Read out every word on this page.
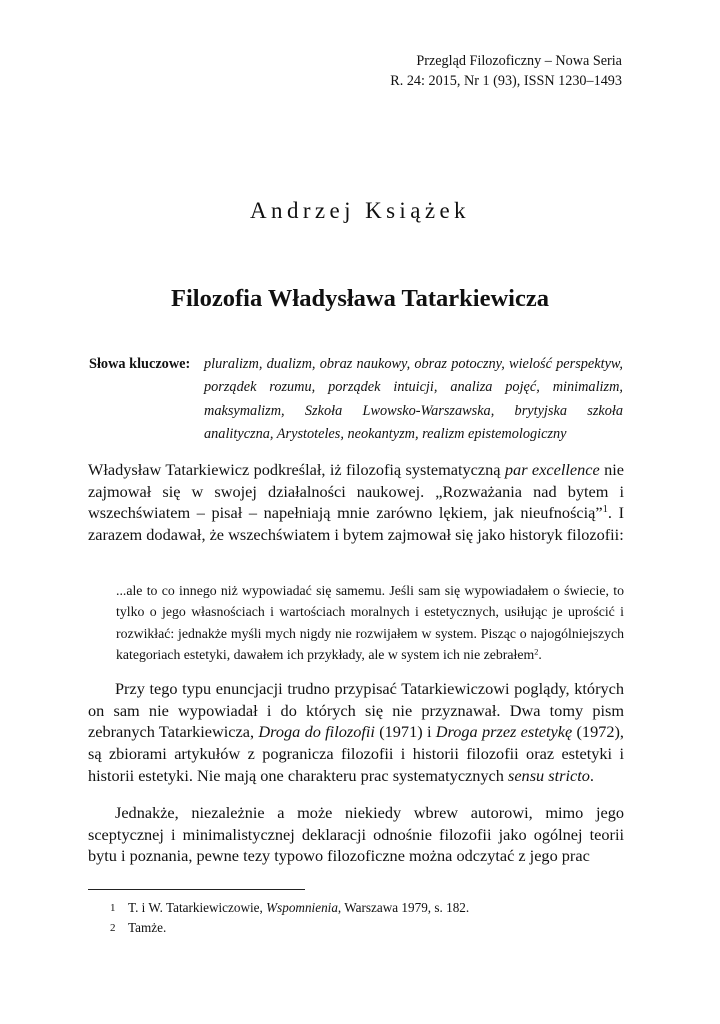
Przegląd Filozoficzny – Nowa Seria
R. 24: 2015, Nr 1 (93), ISSN 1230–1493
Andrzej Książek
Filozofia Władysława Tatarkiewicza
Słowa kluczowe: pluralizm, dualizm, obraz naukowy, obraz potoczny, wielość perspektyw, porządek rozumu, porządek intuicji, analiza pojęć, minimalizm, maksymalizm, Szkoła Lwowsko-Warszawska, brytyjska szkoła analityczna, Arystoteles, neokantyzm, realizm epistemologiczny
Władysław Tatarkiewicz podkreślał, iż filozofią systematyczną par excellence nie zajmował się w swojej działalności naukowej. „Rozważania nad bytem i wszechświatem – pisał – napełniają mnie zarówno lękiem, jak nieufnością”$^1$. I zarazem dodawał, że wszechświatem i bytem zajmował się jako historyk filozofii:
...ale to co innego niż wypowiadać się samemu. Jeśli sam się wypowiadałem o świecie, to tylko o jego własnościach i wartościach moralnych i estetycznych, usiłując je uprościć i rozwikłać: jednakże myśli mych nigdy nie rozwijałem w system. Pisząc o najogólniejszych kategoriach estetyki, dawałem ich przykłady, ale w system ich nie zebrałem$^2$.
Przy tego typu enuncjacji trudno przypisać Tatarkiewiczowi poglądy, których on sam nie wypowiadał i do których się nie przyznawał. Dwa tomy pism zebranych Tatarkiewicza, Droga do filozofii (1971) i Droga przez estetykę (1972), są zbiorami artykułów z pogranicza filozofii i historii filozofii oraz estetyki i historii estetyki. Nie mają one charakteru prac systematycznych sensu stricto.
Jednakże, niezależnie a może niekiedy wbrew autorowi, mimo jego sceptycznej i minimalistycznej deklaracji odnośnie filozofii jako ogólnej teorii bytu i poznania, pewne tezy typowo filozoficzne można odczytać z jego prac
1 T. i W. Tatarkiewiczowie, Wspomnienia, Warszawa 1979, s. 182.
2 Tamże.
